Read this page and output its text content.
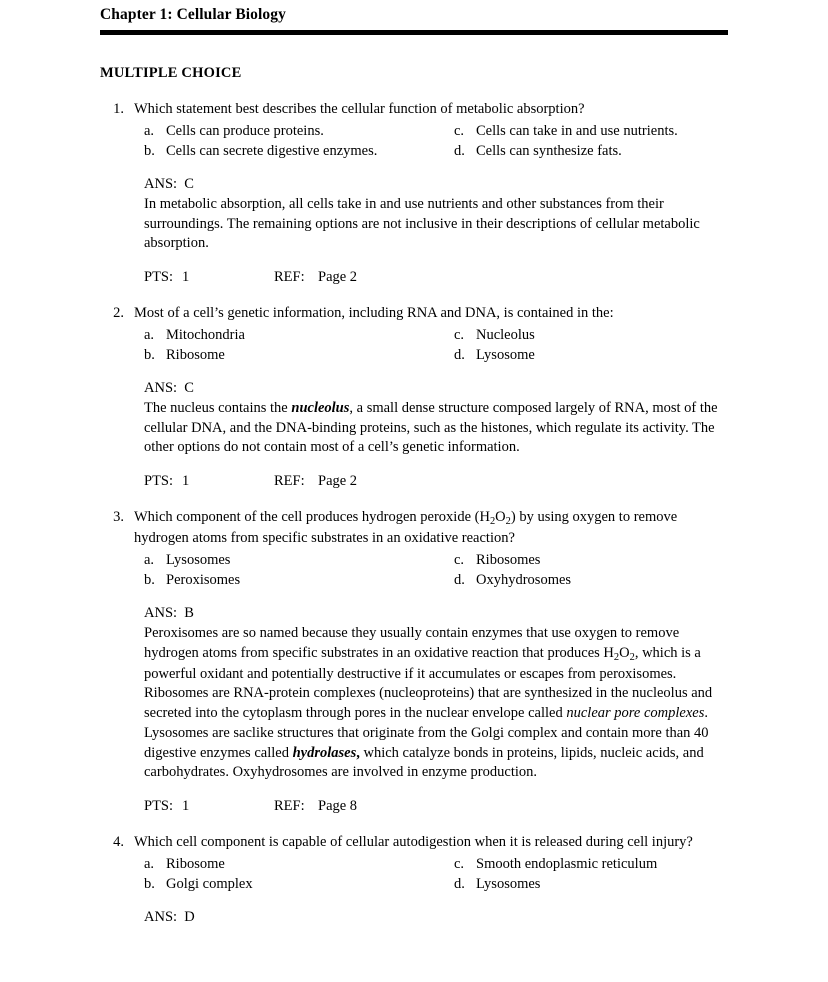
Chapter 1: Cellular Biology
MULTIPLE CHOICE
1. Which statement best describes the cellular function of metabolic absorption?
a. Cells can produce proteins.	c. Cells can take in and use nutrients.
b. Cells can secrete digestive enzymes.	d. Cells can synthesize fats.
ANS: C
In metabolic absorption, all cells take in and use nutrients and other substances from their surroundings. The remaining options are not inclusive in their descriptions of cellular metabolic absorption.
PTS: 1	REF: Page 2
2. Most of a cell’s genetic information, including RNA and DNA, is contained in the:
a. Mitochondria	c. Nucleolus
b. Ribosome	d. Lysosome
ANS: C
The nucleus contains the nucleolus, a small dense structure composed largely of RNA, most of the cellular DNA, and the DNA-binding proteins, such as the histones, which regulate its activity. The other options do not contain most of a cell’s genetic information.
PTS: 1	REF: Page 2
3. Which component of the cell produces hydrogen peroxide $(H_2O_2)$ by using oxygen to remove hydrogen atoms from specific substrates in an oxidative reaction?
a. Lysosomes	c. Ribosomes
b. Peroxisomes	d. Oxyhydrosomes
ANS: B
Peroxisomes are so named because they usually contain enzymes that use oxygen to remove hydrogen atoms from specific substrates in an oxidative reaction that produces $H_2O_2$, which is a powerful oxidant and potentially destructive if it accumulates or escapes from peroxisomes. Ribosomes are RNA-protein complexes (nucleoproteins) that are synthesized in the nucleolus and secreted into the cytoplasm through pores in the nuclear envelope called nuclear pore complexes. Lysosomes are saclike structures that originate from the Golgi complex and contain more than 40 digestive enzymes called hydrolases, which catalyze bonds in proteins, lipids, nucleic acids, and carbohydrates. Oxyhydrosomes are involved in enzyme production.
PTS: 1	REF: Page 8
4. Which cell component is capable of cellular autodigestion when it is released during cell injury?
a. Ribosome	c. Smooth endoplasmic reticulum
b. Golgi complex	d. Lysosomes
ANS: D
